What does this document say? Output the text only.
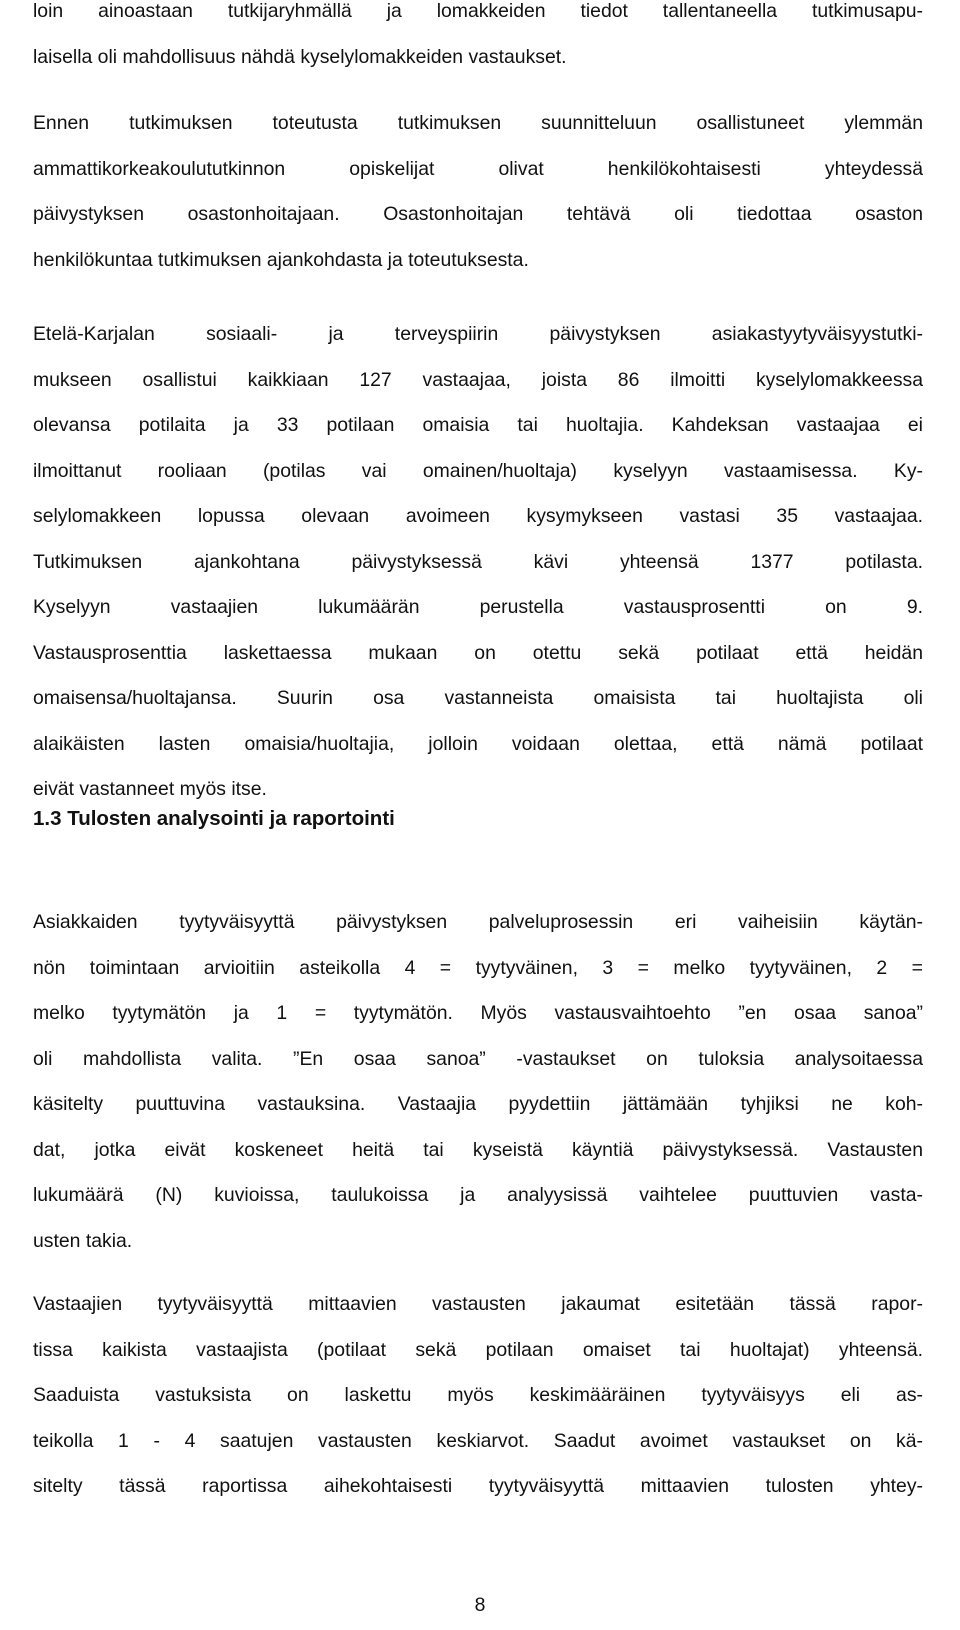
loin ainoastaan tutkijaryhmällä ja lomakkeiden tiedot tallentaneella tutkimusapu-
laisella oli mahdollisuus nähdä kyselylomakkeiden vastaukset.
Ennen tutkimuksen toteutusta tutkimuksen suunnitteluun osallistuneet ylemmän
ammattikorkeakoulututkinnon opiskelijat olivat henkilökohtaisesti yhteydessä
päivystyksen osastonhoitajaan. Osastonhoitajan tehtävä oli tiedottaa osaston
henkilökuntaa tutkimuksen ajankohdasta ja toteutuksesta.
Etelä-Karjalan sosiaali- ja terveyspiirin päivystyksen asiakastyytyväisyystutki-
mukseen osallistui kaikkiaan 127 vastaajaa, joista 86 ilmoitti kyselylomakkeessa
olevansa potilaita ja 33 potilaan omaisia tai huoltajia. Kahdeksan vastaajaa ei
ilmoittanut rooliaan (potilas vai omainen/huoltaja) kyselyyn vastaamisessa. Ky-
selylomakkeen lopussa olevaan avoimeen kysymykseen vastasi 35 vastaajaa.
Tutkimuksen ajankohtana päivystyksessä kävi yhteensä 1377 potilasta.
Kyselyyn vastaajien lukumäärän perustella vastausprosentti on 9.
Vastausprosenttia laskettaessa mukaan on otettu sekä potilaat että heidän
omaisensa/huoltajansa. Suurin osa vastanneista omaisista tai huoltajista oli
alaikäisten lasten omaisia/huoltajia, jolloin voidaan olettaa, että nämä potilaat
eivät vastanneet myös itse.
1.3 Tulosten analysointi ja raportointi
Asiakkaiden tyytyväisyyttä päivystyksen palveluprosessin eri vaiheisiin käytän-
nön toimintaan arvioitiin asteikolla 4 = tyytyväinen, 3 = melko tyytyväinen, 2 =
melko tyytymätön ja 1 = tyytymätön. Myös vastausvaihtoehto ”en osaa sanoa”
oli mahdollista valita. ”En osaa sanoa” -vastaukset on tuloksia analysoitaessa
käsitelty puuttuvina vastauksina. Vastaajia pyydettiin jättämään tyhjiksi ne koh-
dat, jotka eivät koskeneet heitä tai kyseistä käyntiä päivystyksessä. Vastausten
lukumäärä (N) kuvioissa, taulukoissa ja analyysissä vaihtelee puuttuvien vasta-
usten takia.
Vastaajien tyytyväisyyttä mittaavien vastausten jakaumat esitetään tässä rapor-
tissa kaikista vastaajista (potilaat sekä potilaan omaiset tai huoltajat) yhteensä.
Saaduista vastuksista on laskettu myös keskimääräinen tyytyväisyys eli as-
teikolla 1 - 4 saatujen vastausten keskiarvot. Saadut avoimet vastaukset on kä-
sitelty tässä raportissa aihekohtaisesti tyytyväisyyttä mittaavien tulosten yhtey-
8
